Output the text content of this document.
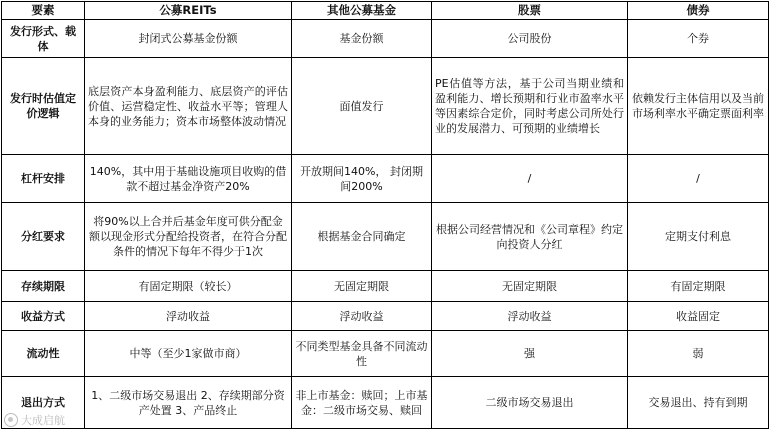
要素	公募REITs	其他公募基金	股票	债券
发行形式、载体	封闭式公募基金份额	基金份额	公司股份	个券
发行时估值定价逻辑	底层资产本身盈利能力、底层资产的评估价值、运营稳定性、收益水平等；管理人本身的业务能力；资本市场整体波动情况	面值发行	PE估值等方法，基于公司当期业绩和盈利能力、增长预期和行业市盈率水平等因素综合定价，同时考虑公司所处行业的发展潜力、可预期的业绩增长	依赖发行主体信用以及当前市场利率水平确定票面利率
杠杆安排	140%，其中用于基础设施项目收购的借款不超过基金净资产20%	开放期间140%， 封闭期间200%	/	/
分红要求	将90%以上合并后基金年度可供分配金额以现金形式分配给投资者，在符合分配条件的情况下每年不得少于1次	根据基金合同确定	根据公司经营情况和《公司章程》约定向投资人分红	定期支付利息
存续期限	有固定期限（较长）	无固定期限	无固定期限	有固定期限
收益方式	浮动收益	浮动收益	浮动收益	收益固定
流动性	中等（至少1家做市商）	不同类型基金具备不同流动性	强	弱
退出方式	1、二级市场交易退出 2、存续期部分资产处置 3、产品终止	非上市基金：赎回；上市基金：二级市场交易、赎回	二级市场交易退出	交易退出、持有到期
大成启航
